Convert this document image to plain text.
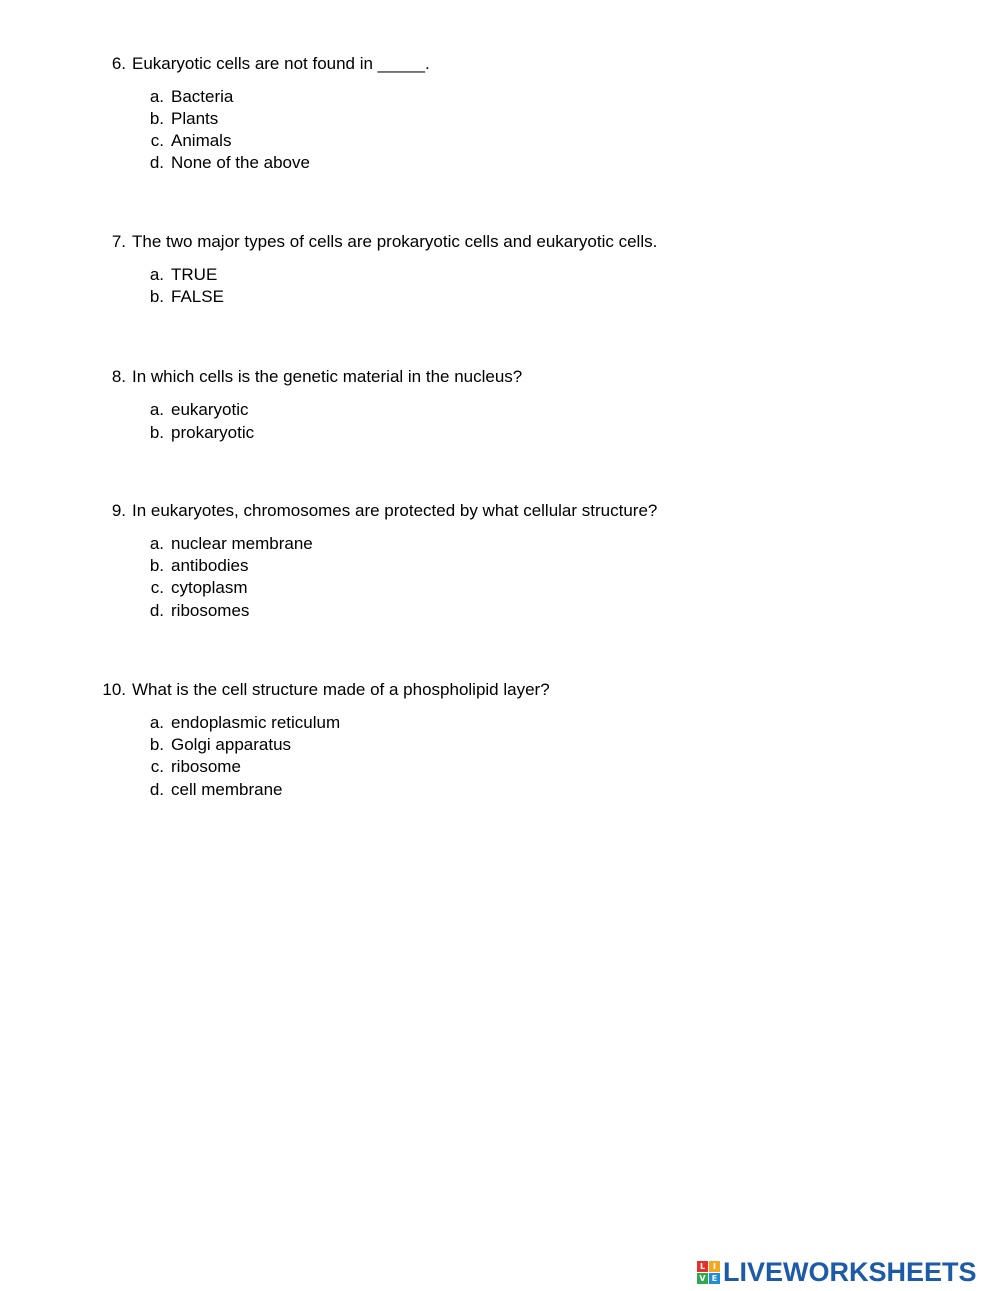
6. Eukaryotic cells are not found in _____.
a. Bacteria
b. Plants
c. Animals
d. None of the above
7. The two major types of cells are prokaryotic cells and eukaryotic cells.
a. TRUE
b. FALSE
8. In which cells is the genetic material in the nucleus?
a. eukaryotic
b. prokaryotic
9. In eukaryotes, chromosomes are protected by what cellular structure?
a. nuclear membrane
b. antibodies
c. cytoplasm
d. ribosomes
10. What is the cell structure made of a phospholipid layer?
a. endoplasmic reticulum
b. Golgi apparatus
c. ribosome
d. cell membrane
L I
V E LIVEWORKSHEETS
